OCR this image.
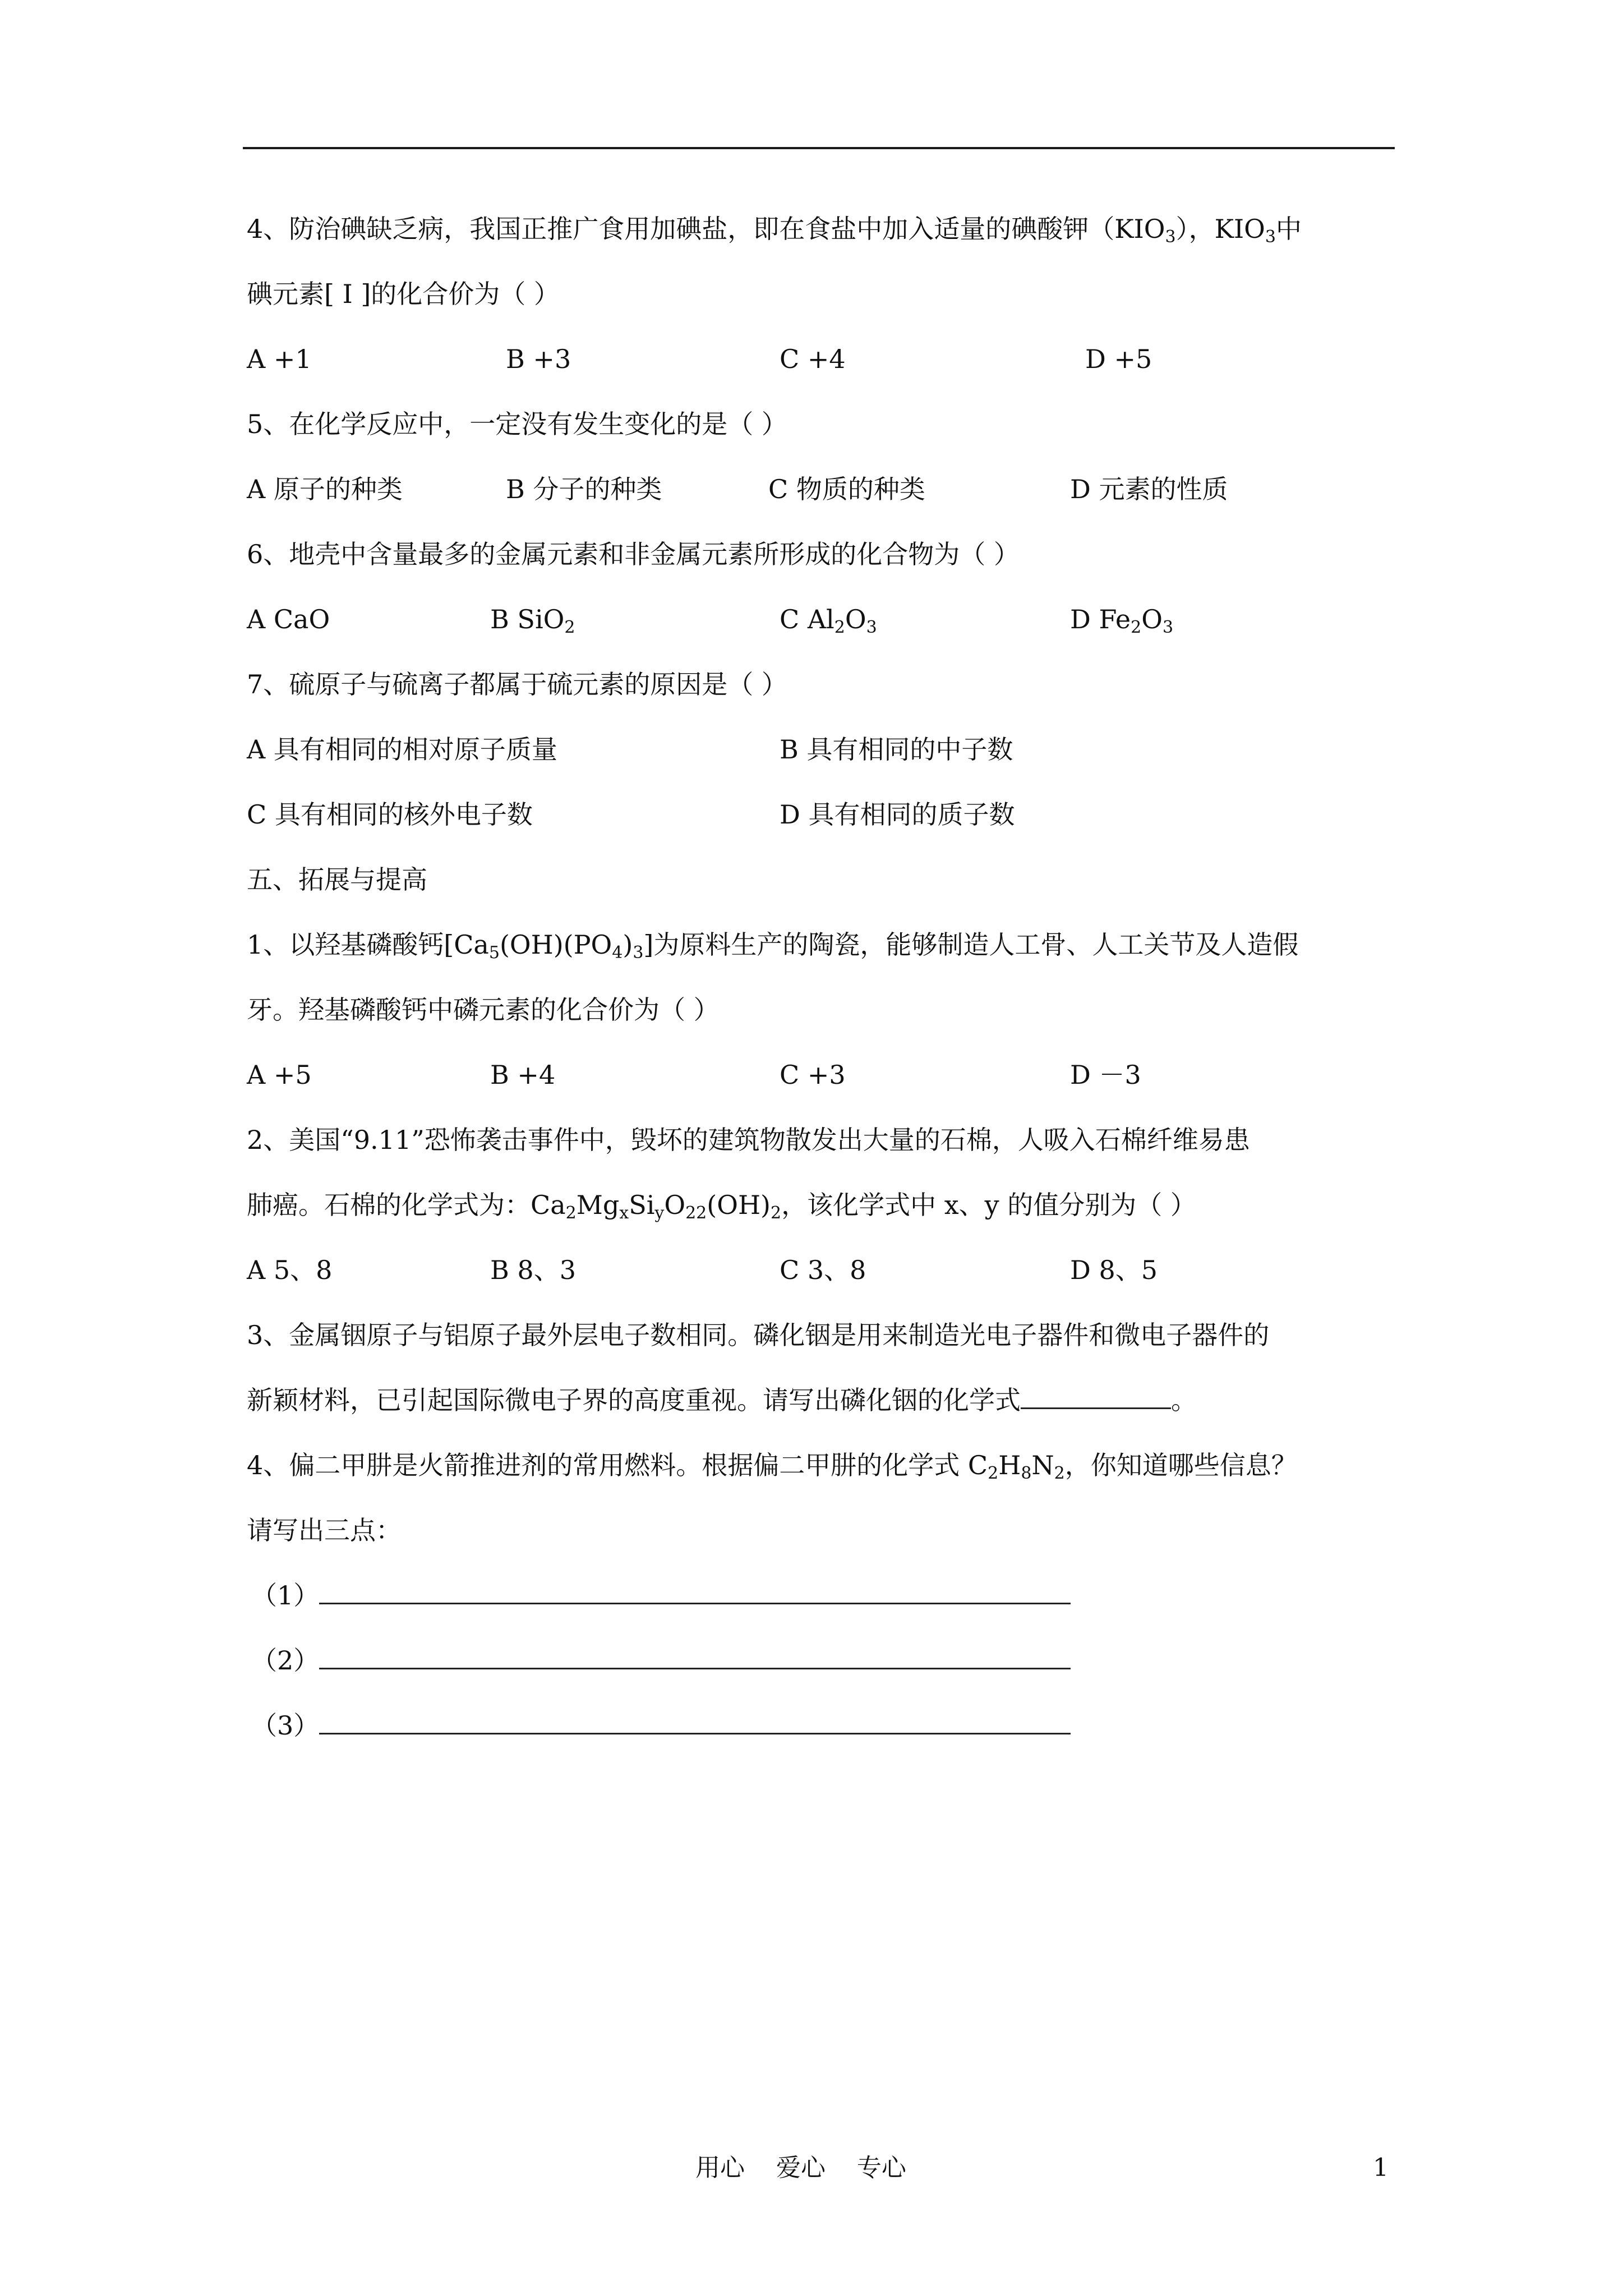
4、防治碘缺乏病，我国正推广食用加碘盐，即在食盐中加入适量的碘酸钾$(KIO_3)$，$KIO_3$中
碘元素[ I ]的化合价为（ ）
A +1	B +3	C +4	D +5
5、在化学反应中，一定没有发生变化的是（ ）
A 原子的种类	B 分子的种类	C 物质的种类	D 元素的性质
6、地壳中含量最多的金属元素和非金属元素所形成的化合物为（ ）
A CaO	B SiO$_2$	C $Al_2O_3$	D $Fe_2O_3$
7、硫原子与硫离子都属于硫元素的原因是（ ）
A 具有相同的相对原子质量	B 具有相同的中子数
C 具有相同的核外电子数	D 具有相同的质子数
五、拓展与提高
1、以羟基磷酸钙$[Ca_5(OH)(PO_4)_3]$为原料生产的陶瓷，能够制造人工骨、人工关节及人造假
牙。羟基磷酸钙中磷元素的化合价为（ ）
A +5	B +4	C +3	D －3
2、美国“9.11”恐怖袭击事件中，毁坏的建筑物散发出大量的石棉，人吸入石棉纤维易患
肺癌。石棉的化学式为：$Ca_2Mg_xSi_yO_{22}(OH)_2$，该化学式中 x、y 的值分别为（ ）
A 5、8	B 8、3	C 3、8	D 8、5
3、金属铟原子与铝原子最外层电子数相同。磷化铟是用来制造光电子器件和微电子器件的
新颖材料，已引起国际微电子界的高度重视。请写出磷化铟的化学式	。
4、偏二甲肼是火箭推进剂的常用燃料。根据偏二甲肼的化学式 $C_2H_8N_2$，你知道哪些信息？
请写出三点：
（1）
（2）
（3）
用心    爱心    专心	1
